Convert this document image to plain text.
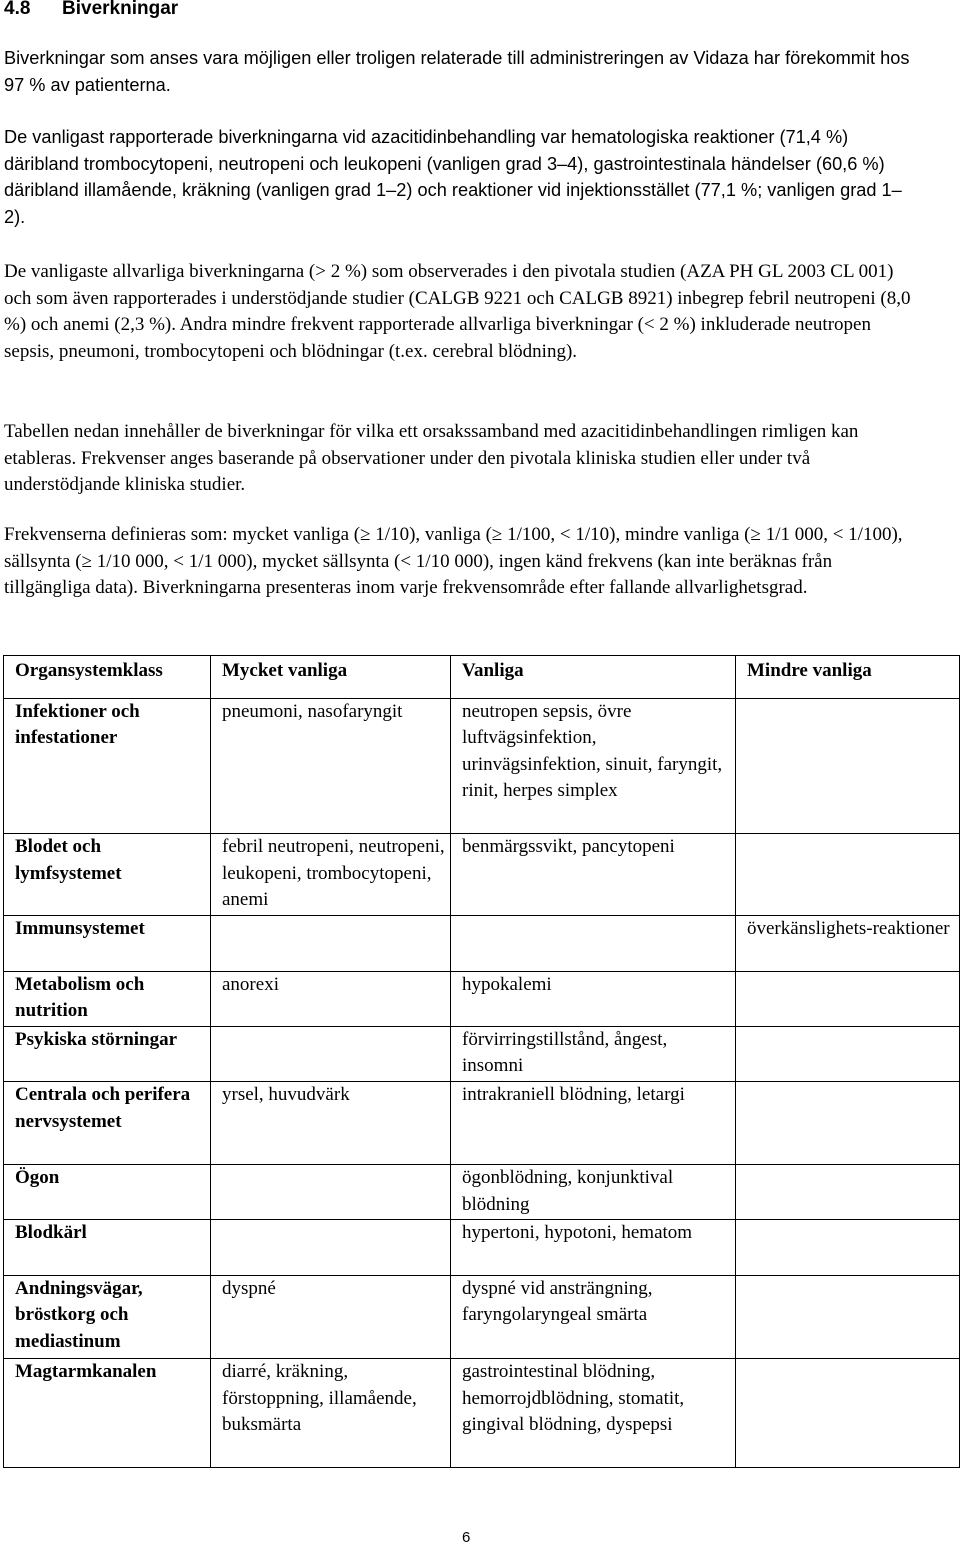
4.8 Biverkningar

Biverkningar som anses vara möjligen eller troligen relaterade till administreringen av Vidaza har förekommit hos 97 % av patienterna.

De vanligast rapporterade biverkningarna vid azacitidinbehandling var hematologiska reaktioner (71,4 %) däribland trombocytopeni, neutropeni och leukopeni (vanligen grad 3–4), gastrointestinala händelser (60,6 %) däribland illamående, kräkning (vanligen grad 1–2) och reaktioner vid injektionsstället (77,1 %; vanligen grad 1–2).

De vanligaste allvarliga biverkningarna (> 2 %) som observerades i den pivotala studien (AZA PH GL 2003 CL 001) och som även rapporterades i understödjande studier (CALGB 9221 och CALGB 8921) inbegrep febril neutropeni (8,0 %) och anemi (2,3 %). Andra mindre frekvent rapporterade allvarliga biverkningar (< 2 %) inkluderade neutropen sepsis, pneumoni, trombocytopeni och blödningar (t.ex. cerebral blödning).

Tabellen nedan innehåller de biverkningar för vilka ett orsakssamband med azacitidinbehandlingen rimligen kan etableras. Frekvenser anges baserande på observationer under den pivotala kliniska studien eller under två understödjande kliniska studier.

Frekvenserna definieras som: mycket vanliga (≥ 1/10), vanliga (≥ 1/100, < 1/10), mindre vanliga (≥ 1/1 000, < 1/100), sällsynta (≥ 1/10 000, < 1/1 000), mycket sällsynta (< 1/10 000), ingen känd frekvens (kan inte beräknas från tillgängliga data). Biverkningarna presenteras inom varje frekvensområde efter fallande allvarlighetsgrad.

Organsystemklass	Mycket vanliga	Vanliga	Mindre vanliga
Infektioner och infestationer	pneumoni, nasofaryngit	neutropen sepsis, övre luftvägsinfektion, urinvägsinfektion, sinuit, faryngit, rinit, herpes simplex	
Blodet och lymfsystemet	febril neutropeni, neutropeni, leukopeni, trombocytopeni, anemi	benmärgssvikt, pancytopeni	
Immunsystemet			överkänslighets-reaktioner
Metabolism och nutrition	anorexi	hypokalemi	
Psykiska störningar		förvirringstillstånd, ångest, insomni	
Centrala och perifera nervsystemet	yrsel, huvudvärk	intrakraniell blödning, letargi	
Ögon		ögonblödning, konjunktival blödning	
Blodkärl		hypertoni, hypotoni, hematom	
Andningsvägar, bröstkorg och mediastinum	dyspné	dyspné vid ansträngning, faryngolaryngeal smärta	
Magtarmkanalen	diarré, kräkning, förstoppning, illamående, buksmärta	gastrointestinal blödning, hemorrojdblödning, stomatit, gingival blödning, dyspepsi	
6
